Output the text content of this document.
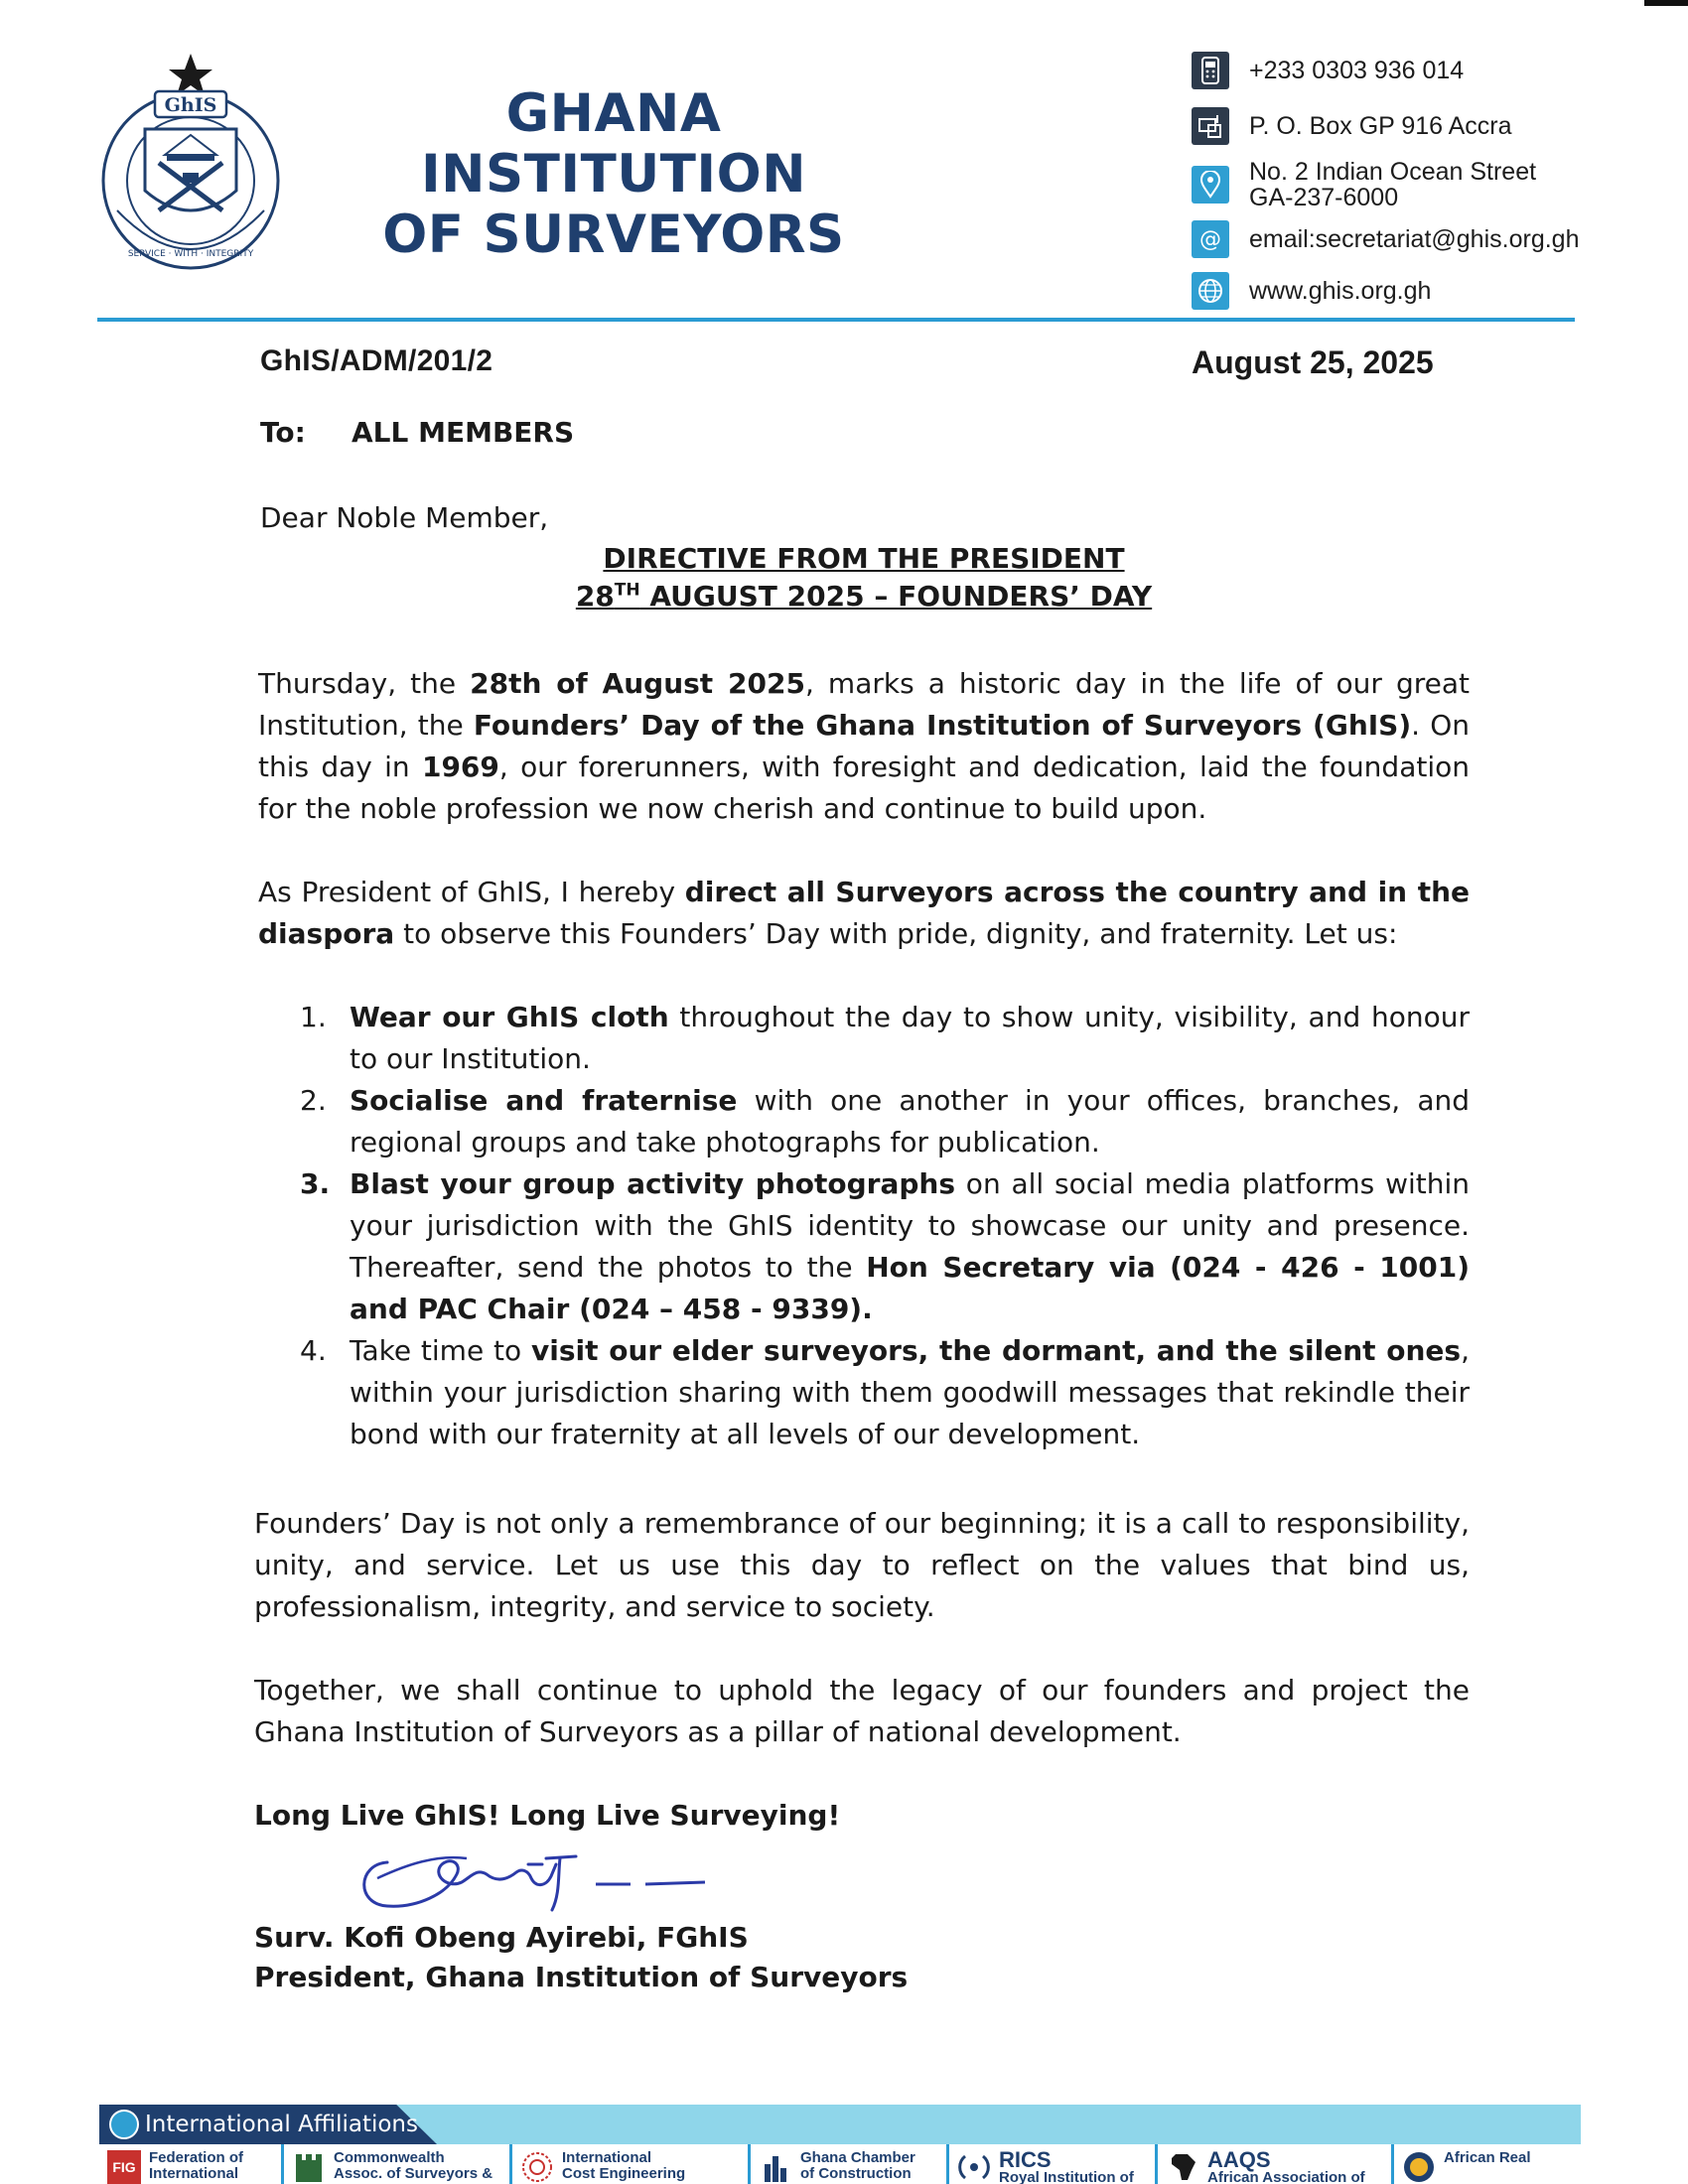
GhIS
SERVICE · WITH · INTEGRITY
GHANA INSTITUTION
OF SURVEYORS
+233 0303 936 014
P. O. Box GP 916 Accra
No. 2 Indian Ocean Street
GA-237-6000
@	email:secretariat@ghis.org.gh
www.ghis.org.gh
GhIS/ADM/201/2	August 25, 2025
To: ALL MEMBERS
Dear Noble Member,
DIRECTIVE FROM THE PRESIDENT
28TH AUGUST 2025 – FOUNDERS’ DAY
Thursday, the 28th of August 2025, marks a historic day in the life of our great Institution, the Founders’ Day of the Ghana Institution of Surveyors (GhIS). On this day in 1969, our forerunners, with foresight and dedication, laid the foundation for the noble profession we now cherish and continue to build upon.
As President of GhIS, I hereby direct all Surveyors across the country and in the diaspora to observe this Founders’ Day with pride, dignity, and fraternity. Let us:
1. Wear our GhIS cloth throughout the day to show unity, visibility, and honour to our Institution.
2. Socialise and fraternise with one another in your offices, branches, and regional groups and take photographs for publication.
3. Blast your group activity photographs on all social media platforms within your jurisdiction with the GhIS identity to showcase our unity and presence. Thereafter, send the photos to the Hon Secretary via (024 - 426 - 1001) and PAC Chair (024 – 458 - 9339).
4. Take time to visit our elder surveyors, the dormant, and the silent ones, within your jurisdiction sharing with them goodwill messages that rekindle their bond with our fraternity at all levels of our development.
Founders’ Day is not only a remembrance of our beginning; it is a call to responsibility, unity, and service. Let us use this day to reflect on the values that bind us, professionalism, integrity, and service to society.
Together, we shall continue to uphold the legacy of our founders and project the Ghana Institution of Surveyors as a pillar of national development.
Long Live GhIS! Long Live Surveying!
Surv. Kofi Obeng Ayirebi, FGhIS
President, Ghana Institution of Surveyors
International Affiliations
FIG
Federation of
International
Commonwealth
Assoc. of Surveyors &
International
Cost Engineering
Ghana Chamber
of Construction
RICS
Royal Institution of
AAQS
African Association of
African Real
